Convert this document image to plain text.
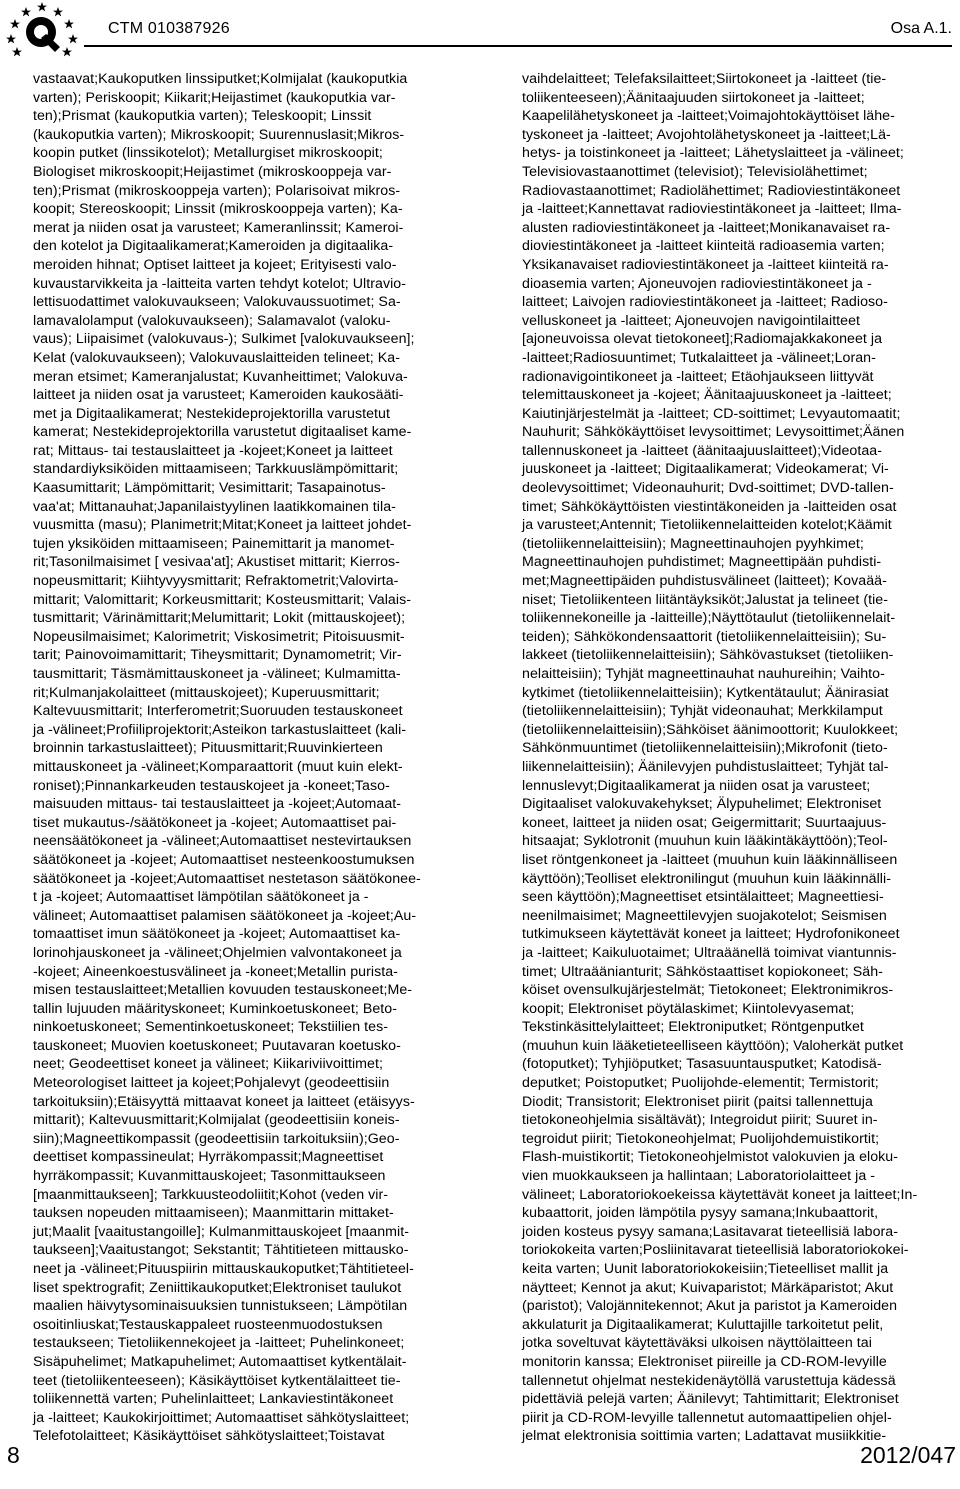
CTM 010387926	Osa A.1.
vastaavat;Kaukoputken linssiputket;Kolmijalat (kaukoputkia
varten); Periskoopit; Kiikarit;Heijastimet (kaukoputkia var-
ten);Prismat (kaukoputkia varten); Teleskoopit; Linssit
(kaukoputkia varten); Mikroskoopit; Suurennuslasit;Mikros-
koopin putket (linssikotelot); Metallurgiset mikroskoopit;
Biologiset mikroskoopit;Heijastimet (mikroskooppeja var-
ten);Prismat (mikroskooppeja varten); Polarisoivat mikros-
koopit; Stereoskoopit; Linssit (mikroskooppeja varten); Ka-
merat ja niiden osat ja varusteet; Kameranlinssit; Kameroi-
den kotelot ja Digitaalikamerat;Kameroiden ja digitaalika-
meroiden hihnat; Optiset laitteet ja kojeet; Erityisesti valo-
kuvaustarvikkeita ja -laitteita varten tehdyt kotelot; Ultravio-
lettisuodattimet valokuvaukseen; Valokuvaussuotimet; Sa-
lamavalolamput (valokuvaukseen); Salamavalot (valoku-
vaus); Liipaisimet (valokuvaus-); Sulkimet [valokuvaukseen];
Kelat (valokuvaukseen); Valokuvauslaitteiden telineet; Ka-
meran etsimet; Kameranjalustat; Kuvanheittimet; Valokuva-
laitteet ja niiden osat ja varusteet; Kameroiden kaukosääti-
met ja Digitaalikamerat; Nestekideprojektorilla varustetut
kamerat; Nestekideprojektorilla varustetut digitaaliset kame-
rat; Mittaus- tai testauslaitteet ja -kojeet;Koneet ja laitteet
standardiyksiköiden mittaamiseen; Tarkkuuslämpömittarit;
Kaasumittarit; Lämpömittarit; Vesimittarit; Tasapainotus-
vaa'at; Mittanauhat;Japanilaistyylinen laatikkomainen tila-
vuusmitta (masu); Planimetrit;Mitat;Koneet ja laitteet johdet-
tujen yksiköiden mittaamiseen; Painemittarit ja manomet-
rit;Tasonilmaisimet [ vesivaa'at]; Akustiset mittarit; Kierros-
nopeusmittarit; Kiihtyvyysmittarit; Refraktometrit;Valovirta-
mittarit; Valomittarit; Korkeusmittarit; Kosteusmittarit; Valais-
tusmittarit; Värinämittarit;Melumittarit; Lokit (mittauskojeet);
Nopeusilmaisimet; Kalorimetrit; Viskosimetrit; Pitoisuusmit-
tarit; Painovoimamittarit; Tiheysmittarit; Dynamometrit; Vir-
tausmittarit; Täsmämittauskoneet ja -välineet; Kulmamitta-
rit;Kulmanjakolaitteet (mittauskojeet); Kuperuusmittarit;
Kaltevuusmittarit; Interferometrit;Suoruuden testauskoneet
ja -välineet;Profiiliprojektorit;Asteikon tarkastuslaitteet (kali-
broinnin tarkastuslaitteet); Pituusmittarit;Ruuvinkierteen
mittauskoneet ja -välineet;Komparaattorit (muut kuin elekt-
roniset);Pinnankarkeuden testauskojeet ja -koneet;Taso-
maisuuden mittaus- tai testauslaitteet ja -kojeet;Automaat-
tiset mukautus-/säätökoneet ja -kojeet; Automaattiset pai-
neensäätökoneet ja -välineet;Automaattiset nestevirtauksen
säätökoneet ja -kojeet; Automaattiset nesteenkoostumuksen
säätökoneet ja -kojeet;Automaattiset nestetason säätökonee-
t ja -kojeet; Automaattiset lämpötilan säätökoneet ja -
välineet; Automaattiset palamisen säätökoneet ja -kojeet;Au-
tomaattiset imun säätökoneet ja -kojeet; Automaattiset ka-
lorinohjauskoneet ja -välineet;Ohjelmien valvontakoneet ja
-kojeet; Aineenkoestusvälineet ja -koneet;Metallin purista-
misen testauslaitteet;Metallien kovuuden testauskoneet;Me-
tallin lujuuden määrityskoneet; Kuminkoetuskoneet; Beto-
ninkoetuskoneet; Sementinkoetuskoneet; Tekstiilien tes-
tauskoneet; Muovien koetuskoneet; Puutavaran koetusko-
neet; Geodeettiset koneet ja välineet; Kiikariviivoittimet;
Meteorologiset laitteet ja kojeet;Pohjalevyt (geodeettisiin
tarkoituksiin);Etäisyyttä mittaavat koneet ja laitteet (etäisyys-
mittarit); Kaltevuusmittarit;Kolmijalat (geodeettisiin koneis-
siin);Magneettikompassit (geodeettisiin tarkoituksiin);Geo-
deettiset kompassineulat; Hyrräkompassit;Magneettiset
hyrräkompassit; Kuvanmittauskojeet; Tasonmittaukseen
[maanmittaukseen]; Tarkkuusteodoliitit;Kohot (veden vir-
tauksen nopeuden mittaamiseen); Maanmittarin mittaket-
jut;Maalit [vaaitustangoille]; Kulmanmittauskojeet [maanmit-
taukseen];Vaaitustangot; Sekstantit; Tähtitieteen mittausko-
neet ja -välineet;Pituuspiirin mittauskaukoputket;Tähtitieteel-
liset spektrografit; Zeniittikaukoputket;Elektroniset taulukot
maalien häivytysominaisuuksien tunnistukseen; Lämpötilan
osoitinliuskat;Testauskappaleet ruosteenmuodostuksen
testaukseen; Tietoliikennekojeet ja -laitteet; Puhelinkoneet;
Sisäpuhelimet; Matkapuhelimet; Automaattiset kytkentälait-
teet (tietoliikenteeseen); Käsikäyttöiset kytkentälaitteet tie-
toliikennettä varten; Puhelinlaitteet; Lankaviestintäkoneet
ja -laitteet; Kaukokirjoittimet; Automaattiset sähkötyslaitteet;
Telefotolaitteet; Käsikäyttöiset sähkötyslaitteet;Toistavat
vaihdelaitteet; Telefaksilaitteet;Siirtokoneet ja -laitteet (tie-
toliikenteeseen);Äänitaajuuden siirtokoneet ja -laitteet;
Kaapelilähetyskoneet ja -laitteet;Voimajohtokäyttöiset lähe-
tyskoneet ja -laitteet; Avojohtolähetyskoneet ja -laitteet;Lä-
hetys- ja toistinkoneet ja -laitteet; Lähetyslaitteet ja -välineet;
Televisiovastaanottimet (televisiot); Televisiolähettimet;
Radiovastaanottimet; Radiolähettimet; Radioviestintäkoneet
ja -laitteet;Kannettavat radioviestintäkoneet ja -laitteet; Ilma-
alusten radioviestintäkoneet ja -laitteet;Monikanavaiset ra-
dioviestintäkoneet ja -laitteet kiinteitä radioasemia varten;
Yksikanavaiset radioviestintäkoneet ja -laitteet kiinteitä ra-
dioasemia varten; Ajoneuvojen radioviestintäkoneet ja -
laitteet; Laivojen radioviestintäkoneet ja -laitteet; Radioso-
velluskoneet ja -laitteet; Ajoneuvojen navigointilaitteet
[ajoneuvoissa olevat tietokoneet];Radiomajakkakoneet ja
-laitteet;Radiosuuntimet; Tutkalaitteet ja -välineet;Loran-
radionavigointikoneet ja -laitteet; Etäohjaukseen liittyvät
telemittauskoneet ja -kojeet; Äänitaajuuskoneet ja -laitteet;
Kaiutinjärjestelmät ja -laitteet; CD-soittimet; Levyautomaatit;
Nauhurit; Sähkökäyttöiset levysoittimet; Levysoittimet;Äänen
tallennuskoneet ja -laitteet (äänitaajuuslaitteet);Videotaa-
juuskoneet ja -laitteet; Digitaalikamerat; Videokamerat; Vi-
deolevysoittimet; Videonauhurit; Dvd-soittimet; DVD-tallen-
timet; Sähkökäyttöisten viestintäkoneiden ja -laitteiden osat
ja varusteet;Antennit; Tietoliikennelaitteiden kotelot;Käämit
(tietoliikennelaitteisiin); Magneettinauhojen pyyhkimet;
Magneettinauhojen puhdistimet; Magneettipään puhdisti-
met;Magneettipäiden puhdistusvälineet (laitteet); Kovaää-
niset; Tietoliikenteen liitäntäyksiköt;Jalustat ja telineet (tie-
toliikennekoneille ja -laitteille);Näyttötaulut (tietoliikennelait-
teiden); Sähkökondensaattorit (tietoliikennelaitteisiin); Su-
lakkeet (tietoliikennelaitteisiin); Sähkövastukset (tietoliiken-
nelaitteisiin); Tyhjät magneettinauhat nauhureihin; Vaihto-
kytkimet (tietoliikennelaitteisiin); Kytkentätaulut; Äänirasiat
(tietoliikennelaitteisiin); Tyhjät videonauhat; Merkkilamput
(tietoliikennelaitteisiin);Sähköiset äänimoottorit; Kuulokkeet;
Sähkönmuuntimet (tietoliikennelaitteisiin);Mikrofonit (tieto-
liikennelaitteisiin); Äänilevyjen puhdistuslaitteet; Tyhjät tal-
lennuslevyt;Digitaalikamerat ja niiden osat ja varusteet;
Digitaaliset valokuvakehykset; Älypuhelimet; Elektroniset
koneet, laitteet ja niiden osat; Geigermittarit; Suurtaajuus-
hitsaajat; Syklotronit (muuhun kuin lääkintäkäyttöön);Teol-
liset röntgenkoneet ja -laitteet (muuhun kuin lääkinnälliseen
käyttöön);Teolliset elektronilingut (muuhun kuin lääkinnälli-
seen käyttöön);Magneettiset etsintälaitteet; Magneettiesi-
neenilmaisimet; Magneettilevyjen suojakotelot; Seismisen
tutkimukseen käytettävät koneet ja laitteet; Hydrofonikoneet
ja -laitteet; Kaikuluotaimet; Ultraäänellä toimivat viantunnis-
timet; Ultraäänianturit; Sähköstaattiset kopiokoneet; Säh-
köiset ovensulkujärjestelmät; Tietokoneet; Elektronimikros-
koopit; Elektroniset pöytälaskimet; Kiintolevyasemat;
Tekstinkäsittelylaitteet; Elektroniputket; Röntgenputket
(muuhun kuin lääketieteelliseen käyttöön); Valoherkät putket
(fotoputket); Tyhjiöputket; Tasasuuntausputket; Katodisä-
deputket; Poistoputket; Puolijohde-elementit; Termistorit;
Diodit; Transistorit; Elektroniset piirit (paitsi tallennettuja
tietokoneohjelmia sisältävät); Integroidut piirit; Suuret in-
tegroidut piirit; Tietokoneohjelmat; Puolijohdemuistikortit;
Flash-muistikortit; Tietokoneohjelmistot valokuvien ja eloku-
vien muokkaukseen ja hallintaan; Laboratoriolaitteet ja -
välineet; Laboratoriokoekeissa käytettävät koneet ja laitteet;In-
kubaattorit, joiden lämpötila pysyy samana;Inkubaattorit,
joiden kosteus pysyy samana;Lasitavarat tieteellisiä labora-
toriokokeita varten;Posliinitavarat tieteellisiä laboratoriokokei-
keita varten; Uunit laboratoriokokeisiin;Tieteelliset mallit ja
näytteet; Kennot ja akut; Kuivaparistot; Märkäparistot; Akut
(paristot); Valojännitekennot; Akut ja paristot ja Kameroiden
akkulaturit ja Digitaalikamerat; Kuluttajille tarkoitetut pelit,
jotka soveltuvat käytettäväksi ulkoisen näyttölaitteen tai
monitorin kanssa; Elektroniset piireille ja CD-ROM-levyille
tallennetut ohjelmat nestekidenäytöllä varustettuja kädessä
pidettäviä pelejä varten; Äänilevyt; Tahtimittarit; Elektroniset
piirit ja CD-ROM-levyille tallennetut automaattipelien ohjel-
jelmat elektronisia soittimia varten; Ladattavat musiikkitie-
8	2012/047
